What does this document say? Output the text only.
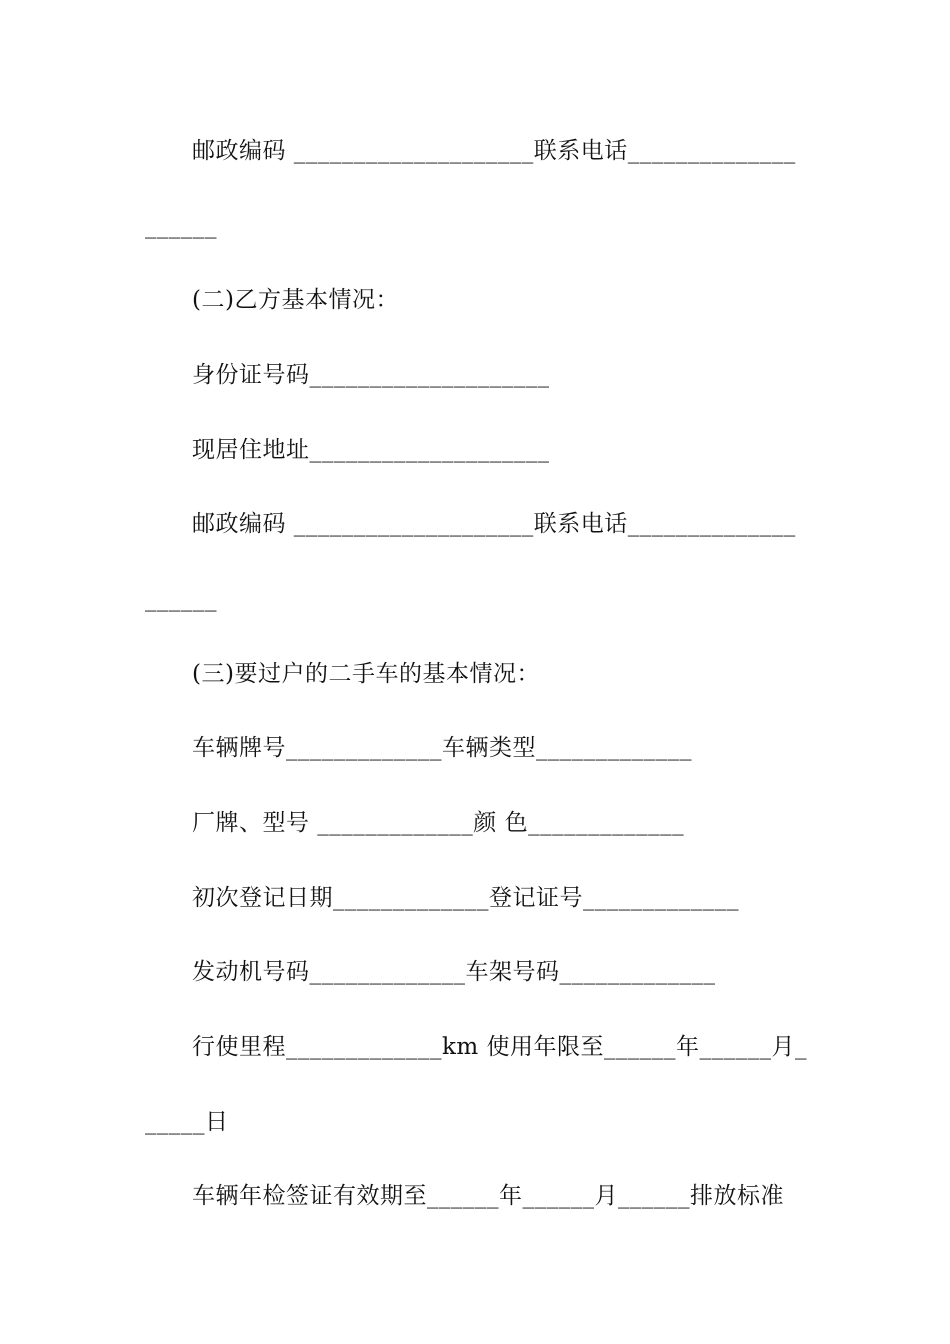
邮政编码 ____________________联系电话______________
______
(二)乙方基本情况：
身份证号码____________________
现居住地址____________________
邮政编码 ____________________联系电话______________
______
(三)要过户的二手车的基本情况：
车辆牌号_____________车辆类型_____________
厂牌、型号 _____________颜 色_____________
初次登记日期_____________登记证号_____________
发动机号码_____________车架号码_____________
行使里程_____________km 使用年限至______年______月_
_____日
车辆年检签证有效期至______年______月______排放标准
